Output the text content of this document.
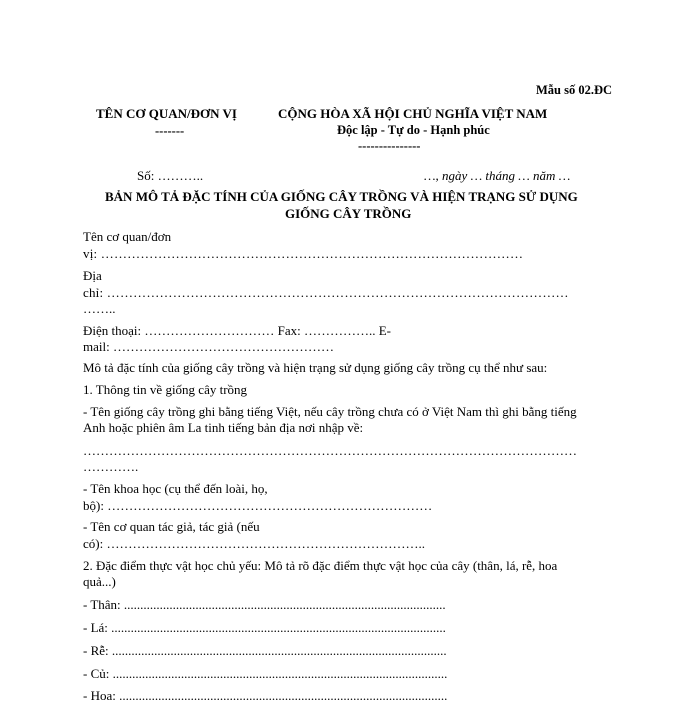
Mẫu số 02.ĐC
TÊN CƠ QUAN/ĐƠN VỊ
-------
CỘNG HÒA XÃ HỘI CHỦ NGHĨA VIỆT NAM
Độc lập - Tự do - Hạnh phúc
---------------
Số: ………..	…, ngày … tháng … năm …
BẢN MÔ TẢ ĐẶC TÍNH CỦA GIỐNG CÂY TRỒNG VÀ HIỆN TRẠNG SỬ DỤNG
GIỐNG CÂY TRỒNG
Tên cơ quan/đơn
vị: ……………………………………………………………………………………
Địa
chỉ: ……………………………………………………………………………………………
……..
Điện thoại: ………………………… Fax: …………….. E-
mail: ……………………………………………
Mô tả đặc tính của giống cây trồng và hiện trạng sử dụng giống cây trồng cụ thể như sau:
1. Thông tin về giống cây trồng
- Tên giống cây trồng ghi bằng tiếng Việt, nếu cây trồng chưa có ở Việt Nam thì ghi bằng tiếng
Anh hoặc phiên âm La tinh tiếng bản địa nơi nhập về:
……………………………………………………………………………………………………
………….
- Tên khoa học (cụ thể đến loài, họ,
bộ): …………………………………………………………………
- Tên cơ quan tác giả, tác giả (nếu
có): ………………………………………………………………..
2. Đặc điểm thực vật học chủ yếu: Mô tả rõ đặc điểm thực vật học của cây (thân, lá, rễ, hoa
quả...)
- Thân: ...................................................................................................
- Lá: .......................................................................................................
- Rễ: .......................................................................................................
- Củ: .......................................................................................................
- Hoa: .....................................................................................................
